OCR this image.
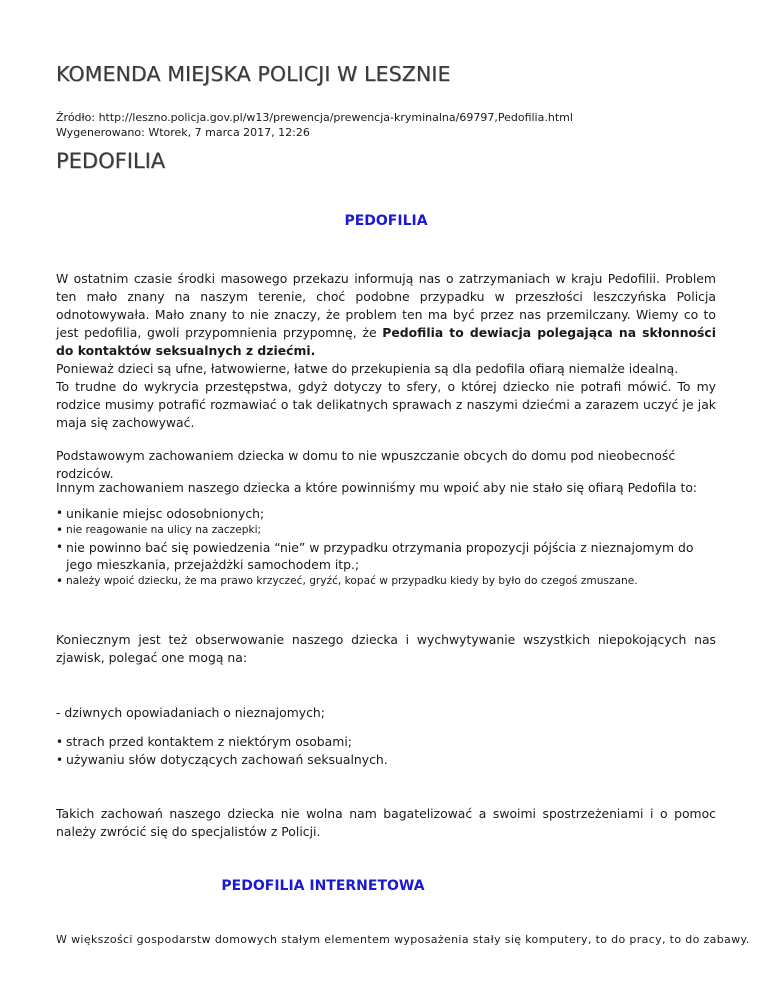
KOMENDA MIEJSKA POLICJI W LESZNIE
Źródło: http://leszno.policja.gov.pl/w13/prewencja/prewencja-kryminalna/69797,Pedofilia.html
Wygenerowano: Wtorek, 7 marca 2017, 12:26
PEDOFILIA
PEDOFILIA
W ostatnim czasie środki masowego przekazu informują nas o zatrzymaniach w kraju Pedofilii. Problem ten mało znany na naszym terenie, choć podobne przypadku w przeszłości leszczyńska Policja odnotowywała. Mało znany to nie znaczy, że problem ten ma być przez nas przemilczany. Wiemy co to jest pedofilia, gwoli przypomnienia przypomnę, że Pedofilia to dewiacja polegająca na skłonności do kontaktów seksualnych z dziećmi.
Ponieważ dzieci są ufne, łatwowierne, łatwe do przekupienia są dla pedofila ofiarą niemalże idealną.
To trudne do wykrycia przestępstwa, gdyż dotyczy to sfery, o której dziecko nie potrafi mówić. To my rodzice musimy potrafić rozmawiać o tak delikatnych sprawach z naszymi dziećmi a zarazem uczyć je jak maja się zachowywać.
Podstawowym zachowaniem dziecka w domu to nie wpuszczanie obcych do domu pod nieobecność rodziców.
Innym zachowaniem naszego dziecka a które powinniśmy mu wpoić aby nie stało się ofiarą Pedofila to:
• unikanie miejsc odosobnionych;
• nie reagowanie na ulicy na zaczepki;
• nie powinno bać się powiedzenia “nie” w przypadku otrzymania propozycji pójścia z nieznajomym do jego mieszkania, przejażdżki samochodem itp.;
• należy wpoić dziecku, że ma prawo krzyczeć, gryźć, kopać w przypadku kiedy by było do czegoś zmuszane.
Koniecznym jest też obserwowanie naszego dziecka i wychwytywanie wszystkich niepokojących nas zjawisk, polegać one mogą na:
- dziwnych opowiadaniach o nieznajomych;
• strach przed kontaktem z niektórym osobami;
• używaniu słów dotyczących zachowań seksualnych.
Takich zachowań naszego dziecka nie wolna nam bagatelizować a swoimi spostrzeżeniami i o pomoc należy zwrócić się do specjalistów z Policji.
PEDOFILIA INTERNETOWA
W większości gospodarstw domowych stałym elementem wyposażenia stały się komputery, to do pracy, to do zabawy.
